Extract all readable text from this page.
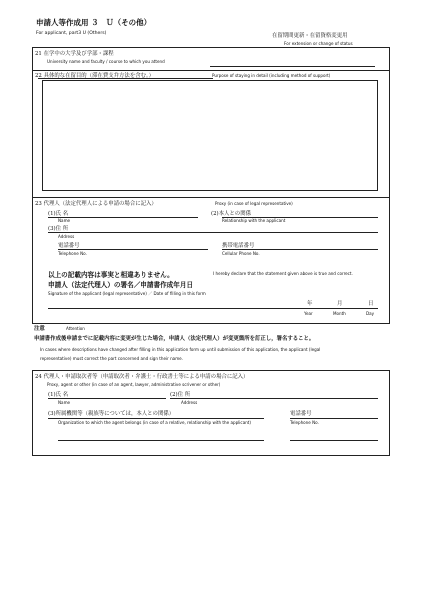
申請人等作成用 ３　Ｕ（その他）
For applicant, part3 U (Others)	在留期間更新・在留資格変更用
For extension or change of status
21 在学中の大学及び学部・課程
University name and faculty / course to which you attend
22 具体的な在留目的（滞在費支弁方法を含む。）	Purpose of staying in detail (including method of support)
23 代理人（法定代理人による申請の場合に記入）	Proxy (in case of legal representative)
(1)氏 名
Name
(2)本人との関係
Relationship with the applicant
(3)住 所
Address
電話番号
Telephone No.
携帯電話番号
Cellular Phone No.
以上の記載内容は事実と相違ありません。	I hereby declare that the statement given above is true and correct.
申請人（法定代理人）の署名／申請書作成年月日
Signature of the applicant (legal representative) ／ Date of filling in this form
年	月	日
Year	Month	Day
注意	Attention
申請書作成後申請までに記載内容に変更が生じた場合，申請人（法定代理人）が変更箇所を訂正し，署名すること。
In cases where descriptions have changed after filling in this application form up until submission of this application, the applicant (legal
representative) must correct the part concerned and sign their name.
24 代理人・申請取次者等（申請取次者・弁護士・行政書士等による申請の場合に記入）
Proxy, agent or other (in case of an agent, lawyer, administrative scrivener or other)
(1)氏 名
Name
(2)住 所
Address
(3)所属機関等（親族等については，本人との関係）
Organization to which the agent belongs (in case of a relative, relationship with the applicant)
電話番号
Telephone No.
